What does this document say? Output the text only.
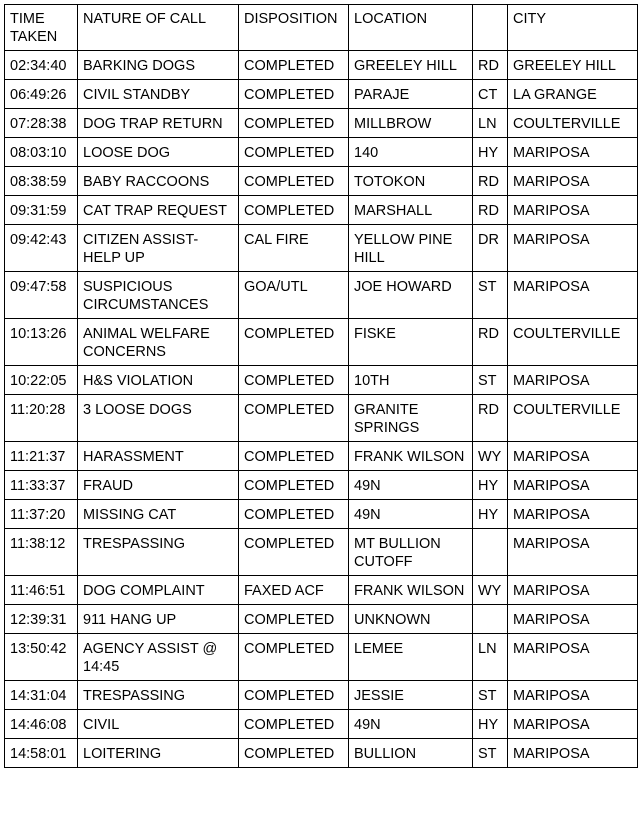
TIME TAKEN	NATURE OF CALL	DISPOSITION	LOCATION		CITY
02:34:40	BARKING DOGS	COMPLETED	GREELEY HILL	RD	GREELEY HILL
06:49:26	CIVIL STANDBY	COMPLETED	PARAJE	CT	LA GRANGE
07:28:38	DOG TRAP RETURN	COMPLETED	MILLBROW	LN	COULTERVILLE
08:03:10	LOOSE DOG	COMPLETED	140	HY	MARIPOSA
08:38:59	BABY RACCOONS	COMPLETED	TOTOKON	RD	MARIPOSA
09:31:59	CAT TRAP REQUEST	COMPLETED	MARSHALL	RD	MARIPOSA
09:42:43	CITIZEN ASSIST-HELP UP	CAL FIRE	YELLOW PINE HILL	DR	MARIPOSA
09:47:58	SUSPICIOUS CIRCUMSTANCES	GOA/UTL	JOE HOWARD	ST	MARIPOSA
10:13:26	ANIMAL WELFARE CONCERNS	COMPLETED	FISKE	RD	COULTERVILLE
10:22:05	H&S VIOLATION	COMPLETED	10TH	ST	MARIPOSA
11:20:28	3 LOOSE DOGS	COMPLETED	GRANITE SPRINGS	RD	COULTERVILLE
11:21:37	HARASSMENT	COMPLETED	FRANK WILSON	WY	MARIPOSA
11:33:37	FRAUD	COMPLETED	49N	HY	MARIPOSA
11:37:20	MISSING CAT	COMPLETED	49N	HY	MARIPOSA
11:38:12	TRESPASSING	COMPLETED	MT BULLION CUTOFF		MARIPOSA
11:46:51	DOG COMPLAINT	FAXED ACF	FRANK WILSON	WY	MARIPOSA
12:39:31	911 HANG UP	COMPLETED	UNKNOWN		MARIPOSA
13:50:42	AGENCY ASSIST @ 14:45	COMPLETED	LEMEE	LN	MARIPOSA
14:31:04	TRESPASSING	COMPLETED	JESSIE	ST	MARIPOSA
14:46:08	CIVIL	COMPLETED	49N	HY	MARIPOSA
14:58:01	LOITERING	COMPLETED	BULLION	ST	MARIPOSA
